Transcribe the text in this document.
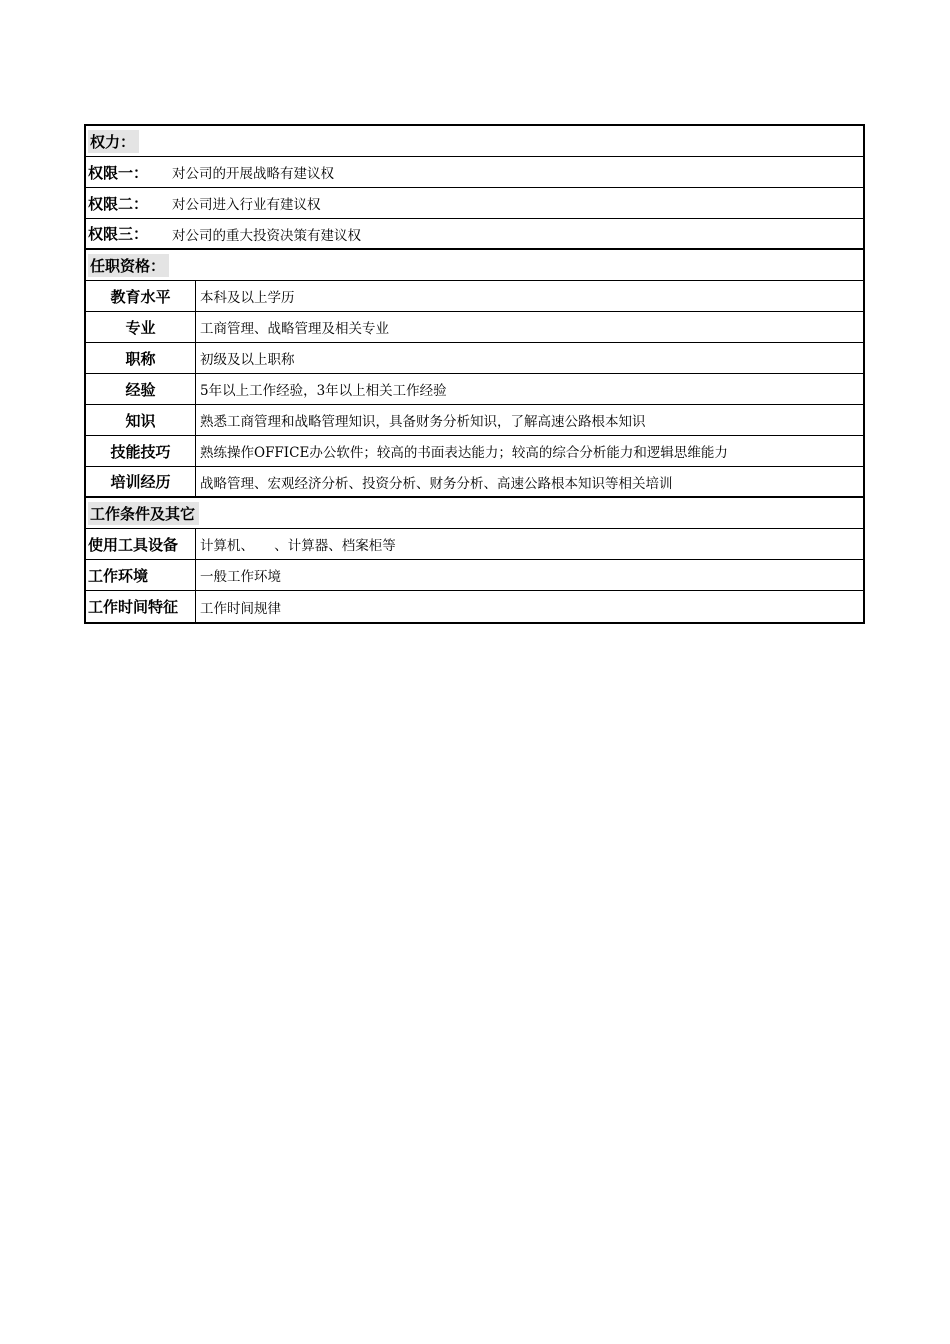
权力：
权限一：	对公司的开展战略有建议权
权限二：	对公司进入行业有建议权
权限三：	对公司的重大投资决策有建议权
任职资格：
教育水平	本科及以上学历
专业	工商管理、战略管理及相关专业
职称	初级及以上职称
经验	5年以上工作经验，3年以上相关工作经验
知识	熟悉工商管理和战略管理知识，具备财务分析知识，了解高速公路根本知识
技能技巧	熟练操作OFFICE办公软件；较高的书面表达能力；较高的综合分析能力和逻辑思维能力
培训经历	战略管理、宏观经济分析、投资分析、财务分析、高速公路根本知识等相关培训
工作条件及其它
使用工具设备	计算机、　　、计算器、档案柜等
工作环境	一般工作环境
工作时间特征	工作时间规律
